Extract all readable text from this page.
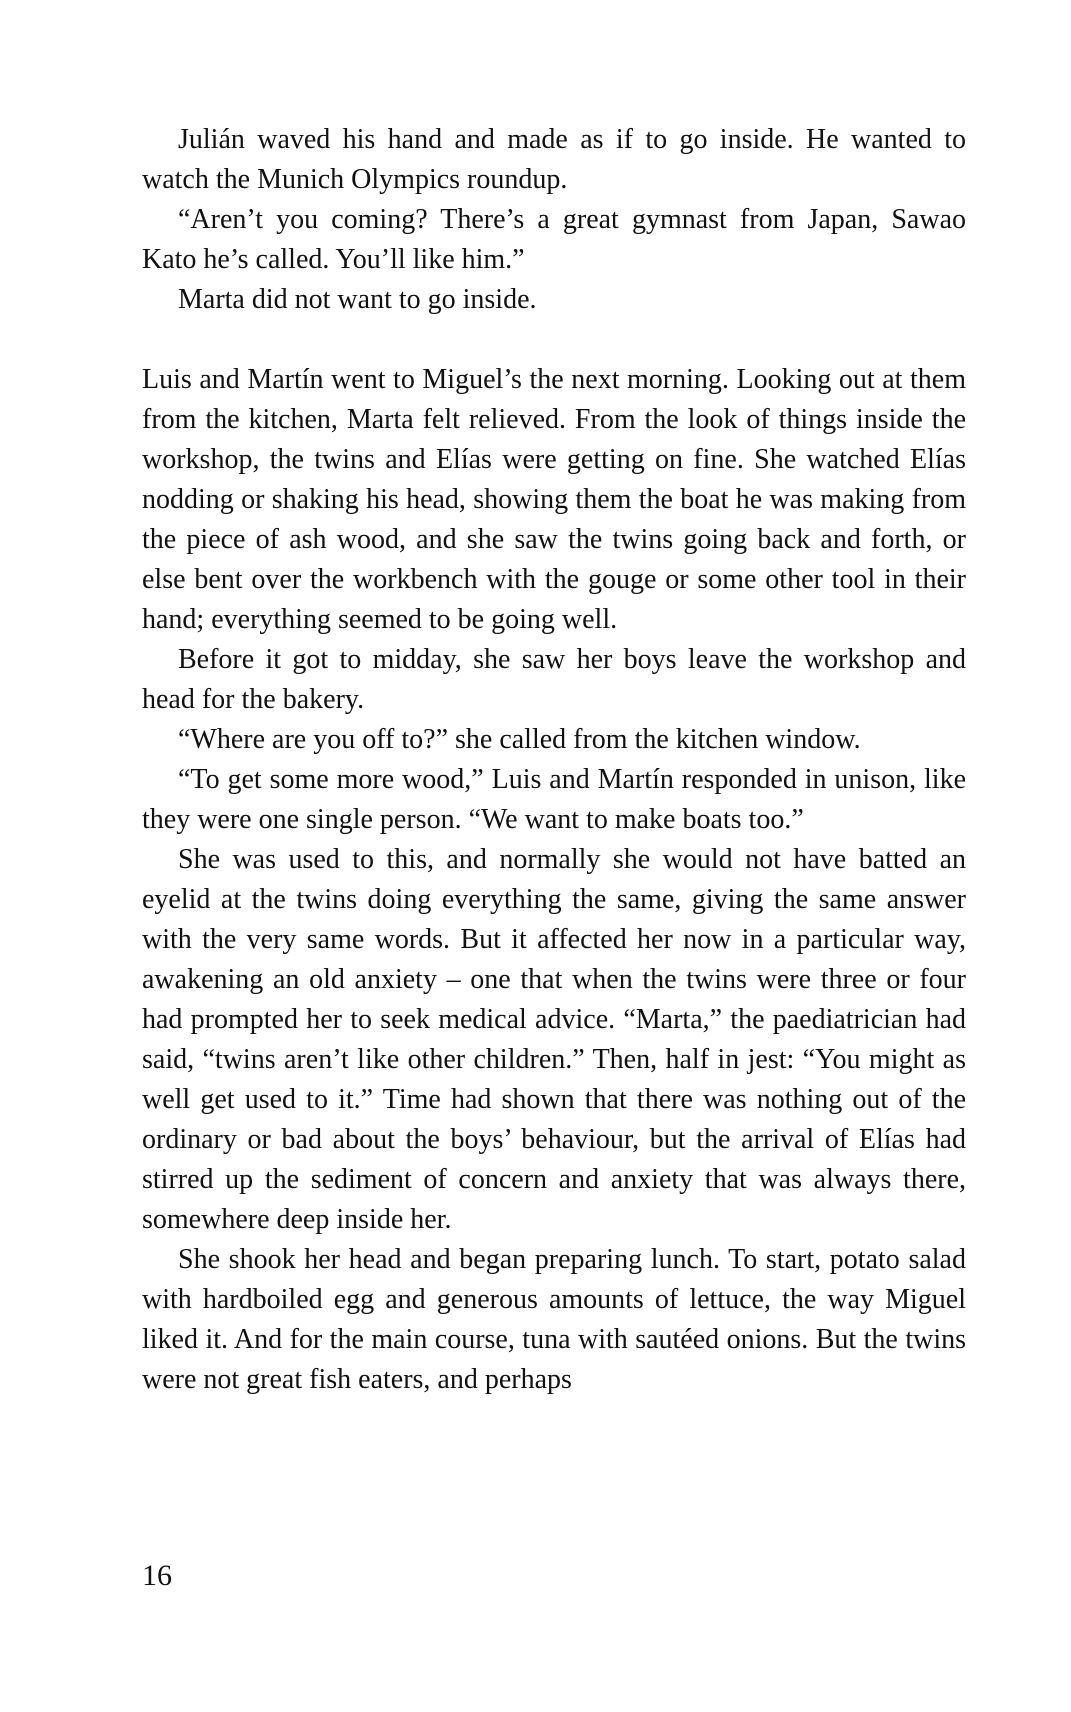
Julián waved his hand and made as if to go inside. He wanted to watch the Munich Olympics roundup.

“Aren’t you coming? There’s a great gymnast from Japan, Sawao Kato he’s called. You’ll like him.”

Marta did not want to go inside.

Luis and Martín went to Miguel’s the next morning. Looking out at them from the kitchen, Marta felt relieved. From the look of things inside the workshop, the twins and Elías were getting on fine. She watched Elías nodding or shaking his head, showing them the boat he was making from the piece of ash wood, and she saw the twins going back and forth, or else bent over the workbench with the gouge or some other tool in their hand; everything seemed to be going well.

Before it got to midday, she saw her boys leave the workshop and head for the bakery.

“Where are you off to?” she called from the kitchen window.

“To get some more wood,” Luis and Martín responded in unison, like they were one single person. “We want to make boats too.”

She was used to this, and normally she would not have batted an eyelid at the twins doing everything the same, giving the same answer with the very same words. But it affected her now in a particular way, awakening an old anxiety – one that when the twins were three or four had prompted her to seek medical advice. “Marta,” the paediatrician had said, “twins aren’t like other children.” Then, half in jest: “You might as well get used to it.” Time had shown that there was nothing out of the ordinary or bad about the boys’ behaviour, but the arrival of Elías had stirred up the sediment of concern and anxiety that was always there, somewhere deep inside her.

She shook her head and began preparing lunch. To start, potato salad with hardboiled egg and generous amounts of lettuce, the way Miguel liked it. And for the main course, tuna with sautéed onions. But the twins were not great fish eaters, and perhaps

16
